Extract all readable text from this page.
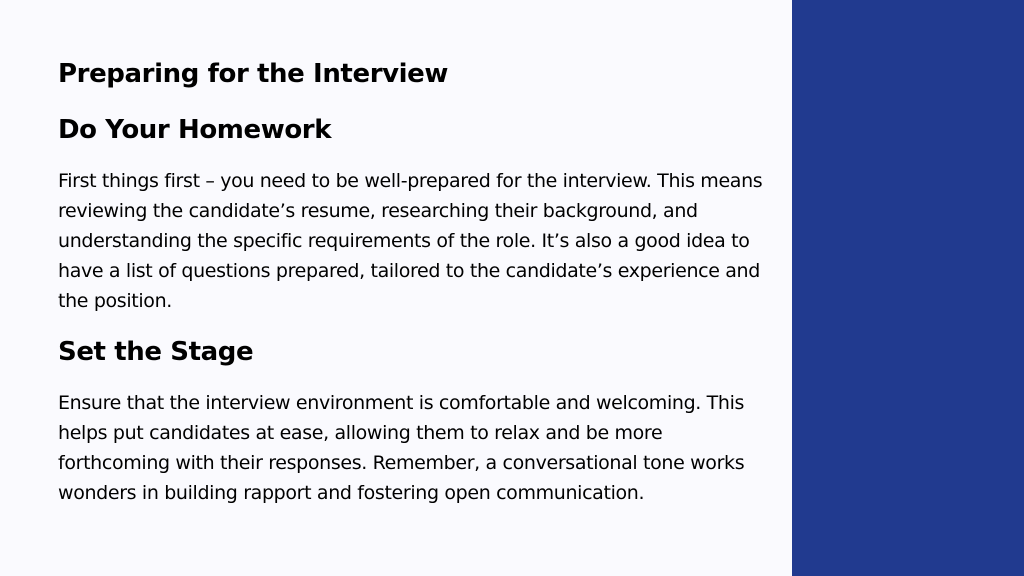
Preparing for the Interview
Do Your Homework

First things first – you need to be well-prepared for the interview. This means reviewing the candidate’s resume, researching their background, and understanding the specific requirements of the role. It’s also a good idea to have a list of questions prepared, tailored to the candidate’s experience and the position.

Set the Stage

Ensure that the interview environment is comfortable and welcoming. This helps put candidates at ease, allowing them to relax and be more forthcoming with their responses. Remember, a conversational tone works wonders in building rapport and fostering open communication.
